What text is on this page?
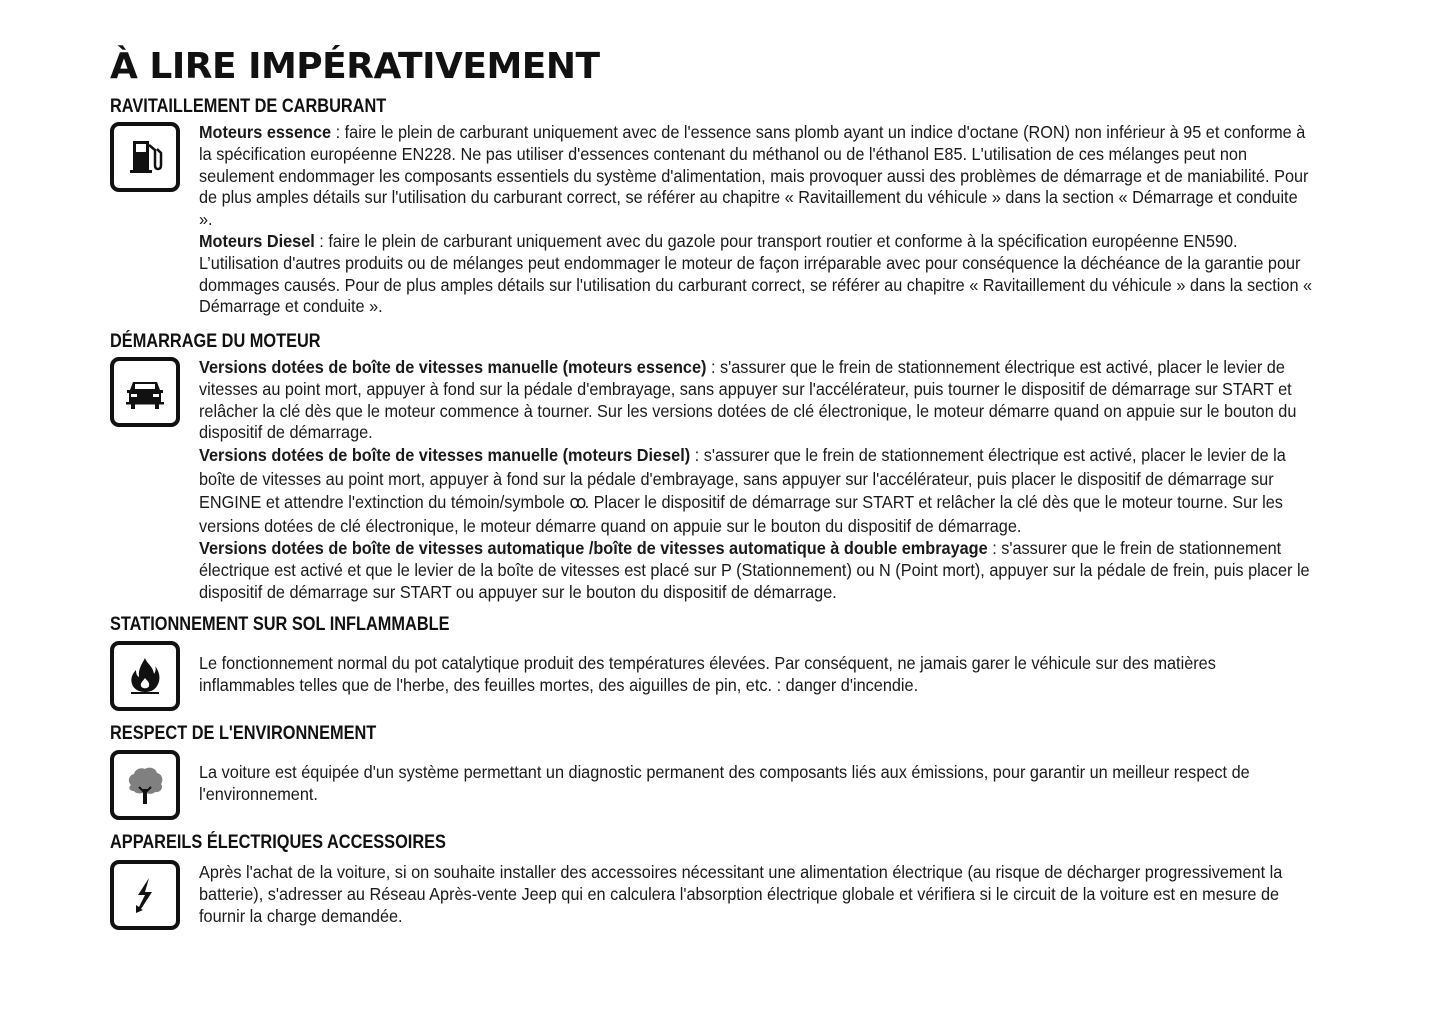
À LIRE IMPÉRATIVEMENT
RAVITAILLEMENT DE CARBURANT

Moteurs essence : faire le plein de carburant uniquement avec de l'essence sans plomb ayant un indice d'octane (RON) non inférieur à 95 et conforme à la spécification européenne EN228. Ne pas utiliser d'essences contenant du méthanol ou de l'éthanol E85. L'utilisation de ces mélanges peut non seulement endommager les composants essentiels du système d'alimentation, mais provoquer aussi des problèmes de démarrage et de maniabilité. Pour de plus amples détails sur l'utilisation du carburant correct, se référer au chapitre « Ravitaillement du véhicule » dans la section « Démarrage et conduite ».

Moteurs Diesel : faire le plein de carburant uniquement avec du gazole pour transport routier et conforme à la spécification européenne EN590. L’utilisation d'autres produits ou de mélanges peut endommager le moteur de façon irréparable avec pour conséquence la déchéance de la garantie pour dommages causés. Pour de plus amples détails sur l'utilisation du carburant correct, se référer au chapitre « Ravitaillement du véhicule » dans la section « Démarrage et conduite ».

DÉMARRAGE DU MOTEUR

Versions dotées de boîte de vitesses manuelle (moteurs essence) : s'assurer que le frein de stationnement électrique est activé, placer le levier de vitesses au point mort, appuyer à fond sur la pédale d'embrayage, sans appuyer sur l'accélérateur, puis tourner le dispositif de démarrage sur START et relâcher la clé dès que le moteur commence à tourner. Sur les versions dotées de clé électronique, le moteur démarre quand on appuie sur le bouton du dispositif de démarrage.

Versions dotées de boîte de vitesses manuelle (moteurs Diesel) : s'assurer que le frein de stationnement électrique est activé, placer le levier de la boîte de vitesses au point mort, appuyer à fond sur la pédale d'embrayage, sans appuyer sur l'accélérateur, puis placer le dispositif de démarrage sur ENGINE et attendre l'extinction du témoin/symbole ꝏ. Placer le dispositif de démarrage sur START et relâcher la clé dès que le moteur tourne. Sur les versions dotées de clé électronique, le moteur démarre quand on appuie sur le bouton du dispositif de démarrage.

Versions dotées de boîte de vitesses automatique /boîte de vitesses automatique à double embrayage : s'assurer que le frein de stationnement électrique est activé et que le levier de la boîte de vitesses est placé sur P (Stationnement) ou N (Point mort), appuyer sur la pédale de frein, puis placer le dispositif de démarrage sur START ou appuyer sur le bouton du dispositif de démarrage.

STATIONNEMENT SUR SOL INFLAMMABLE

Le fonctionnement normal du pot catalytique produit des températures élevées. Par conséquent, ne jamais garer le véhicule sur des matières inflammables telles que de l'herbe, des feuilles mortes, des aiguilles de pin, etc. : danger d'incendie.

RESPECT DE L'ENVIRONNEMENT

La voiture est équipée d'un système permettant un diagnostic permanent des composants liés aux émissions, pour garantir un meilleur respect de l'environnement.

APPAREILS ÉLECTRIQUES ACCESSOIRES

Après l'achat de la voiture, si on souhaite installer des accessoires nécessitant une alimentation électrique (au risque de décharger progressivement la batterie), s'adresser au Réseau Après-vente Jeep qui en calculera l'absorption électrique globale et vérifiera si le circuit de la voiture est en mesure de fournir la charge demandée.
